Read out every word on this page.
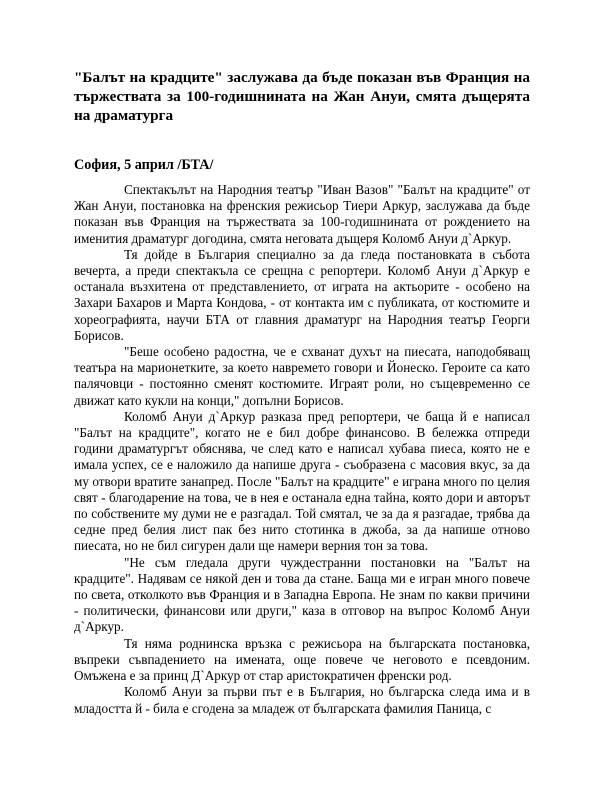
"Балът на крадците" заслужава да бъде показан във Франция на тържествата за 100-годишнината на Жан Ануи, смята дъщерята на драматурга

София, 5 април /БТА/

Спектакълът на Народния театър "Иван Вазов" "Балът на крадците" от Жан Ануи, постановка на френския режисьор Тиери Аркур, заслужава да бъде показан във Франция на тържествата за 100-годишнината от рождението на именития драматург догодина, смята неговата дъщеря Коломб Ануи д`Аркур.

Тя дойде в България специално за да гледа постановката в събота вечерта, а преди спектакъла се срещна с репортери. Коломб Ануи д`Аркур е останала възхитена от представлението, от играта на актьорите - особено на Захари Бахаров и Марта Кондова, - от контакта им с публиката, от костюмите и хореографията, научи БТА от главния драматург на Народния театър Георги Борисов.

"Беше особено радостна, че е схванат духът на пиесата, наподобяващ театъра на марионетките, за което навремето говори и Йонеско. Героите са като палячовци - постоянно сменят костюмите. Играят роли, но същевременно се движат като кукли на конци," допълни Борисов.

Коломб Ануи д`Аркур разказа пред репортери, че баща й е написал "Балът на крадците", когато не е бил добре финансово. В бележка отпреди години драматургът обяснява, че след като е написал хубава пиеса, която не е имала успех, се е наложило да напише друга - съобразена с масовия вкус, за да му отвори вратите занапред. После "Балът на крадците" е играна много по целия свят - благодарение на това, че в нея е останала една тайна, която дори и авторът по собствените му думи не е разгадал. Той смятал, че за да я разгадае, трябва да седне пред белия лист пак без нито стотинка в джоба, за да напише отново пиесата, но не бил сигурен дали ще намери верния тон за това.

"Не съм гледала други чуждестранни постановки на "Балът на крадците". Надявам се някой ден и това да стане. Баща ми е игран много повече по света, отколкото във Франция и в Западна Европа. Не знам по какви причини - политически, финансови или други," каза в отговор на въпрос Коломб Ануи д`Аркур.

Тя няма роднинска връзка с режисьора на българската постановка, въпреки съвпадението на имената, още повече че неговото е псевдоним. Омъжена е за принц Д`Аркур от стар аристократичен френски род.

Коломб Ануи за първи път е в България, но българска следа има и в младостта й - била е сгодена за младеж от българската фамилия Паница, с
